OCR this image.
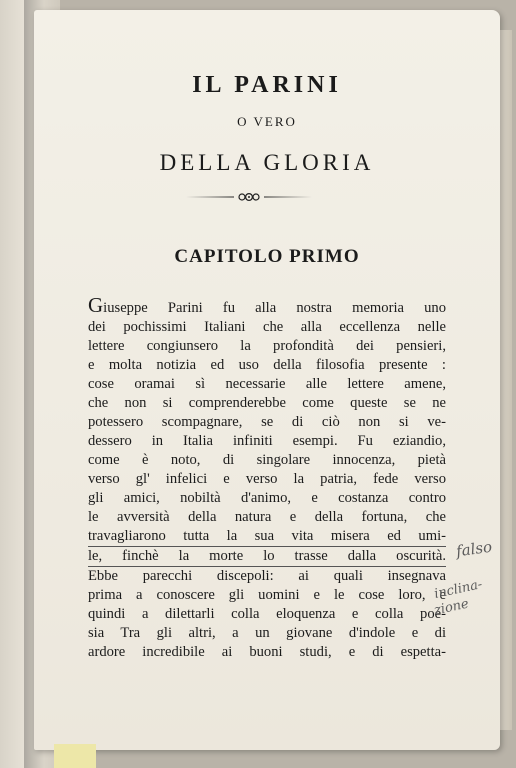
IL PARINI
O VERO
DELLA GLORIA
CAPITOLO PRIMO

Giuseppe Parini fu alla nostra memoria uno
dei pochissimi Italiani che alla eccellenza nelle
lettere congiunsero la profondità dei pensieri,
e molta notizia ed uso della filosofia presente :
cose oramai sì necessarie alle lettere amene,
che non si comprenderebbe come queste se ne
potessero scompagnare, se di ciò non si ve-
dessero in Italia infiniti esempi. Fu eziandio,
come è noto, di singolare innocenza, pietà
verso gl' infelici e verso la patria, fede verso
gli amici, nobiltà d'animo, e costanza contro
le avversità della natura e della fortuna, che
travagliarono tutta la sua vita misera ed umi-
le, finchè la morte lo trasse dalla oscurità.
Ebbe parecchi discepoli: ai quali insegnava
prima a conoscere gli uomini e le cose loro, e
quindi a dilettarli colla eloquenza e colla poe-
sia Tra gli altri, a un giovane d'indole e di
ardore incredibile ai buoni studi, e di espetta-

falso
inclina-
zione
